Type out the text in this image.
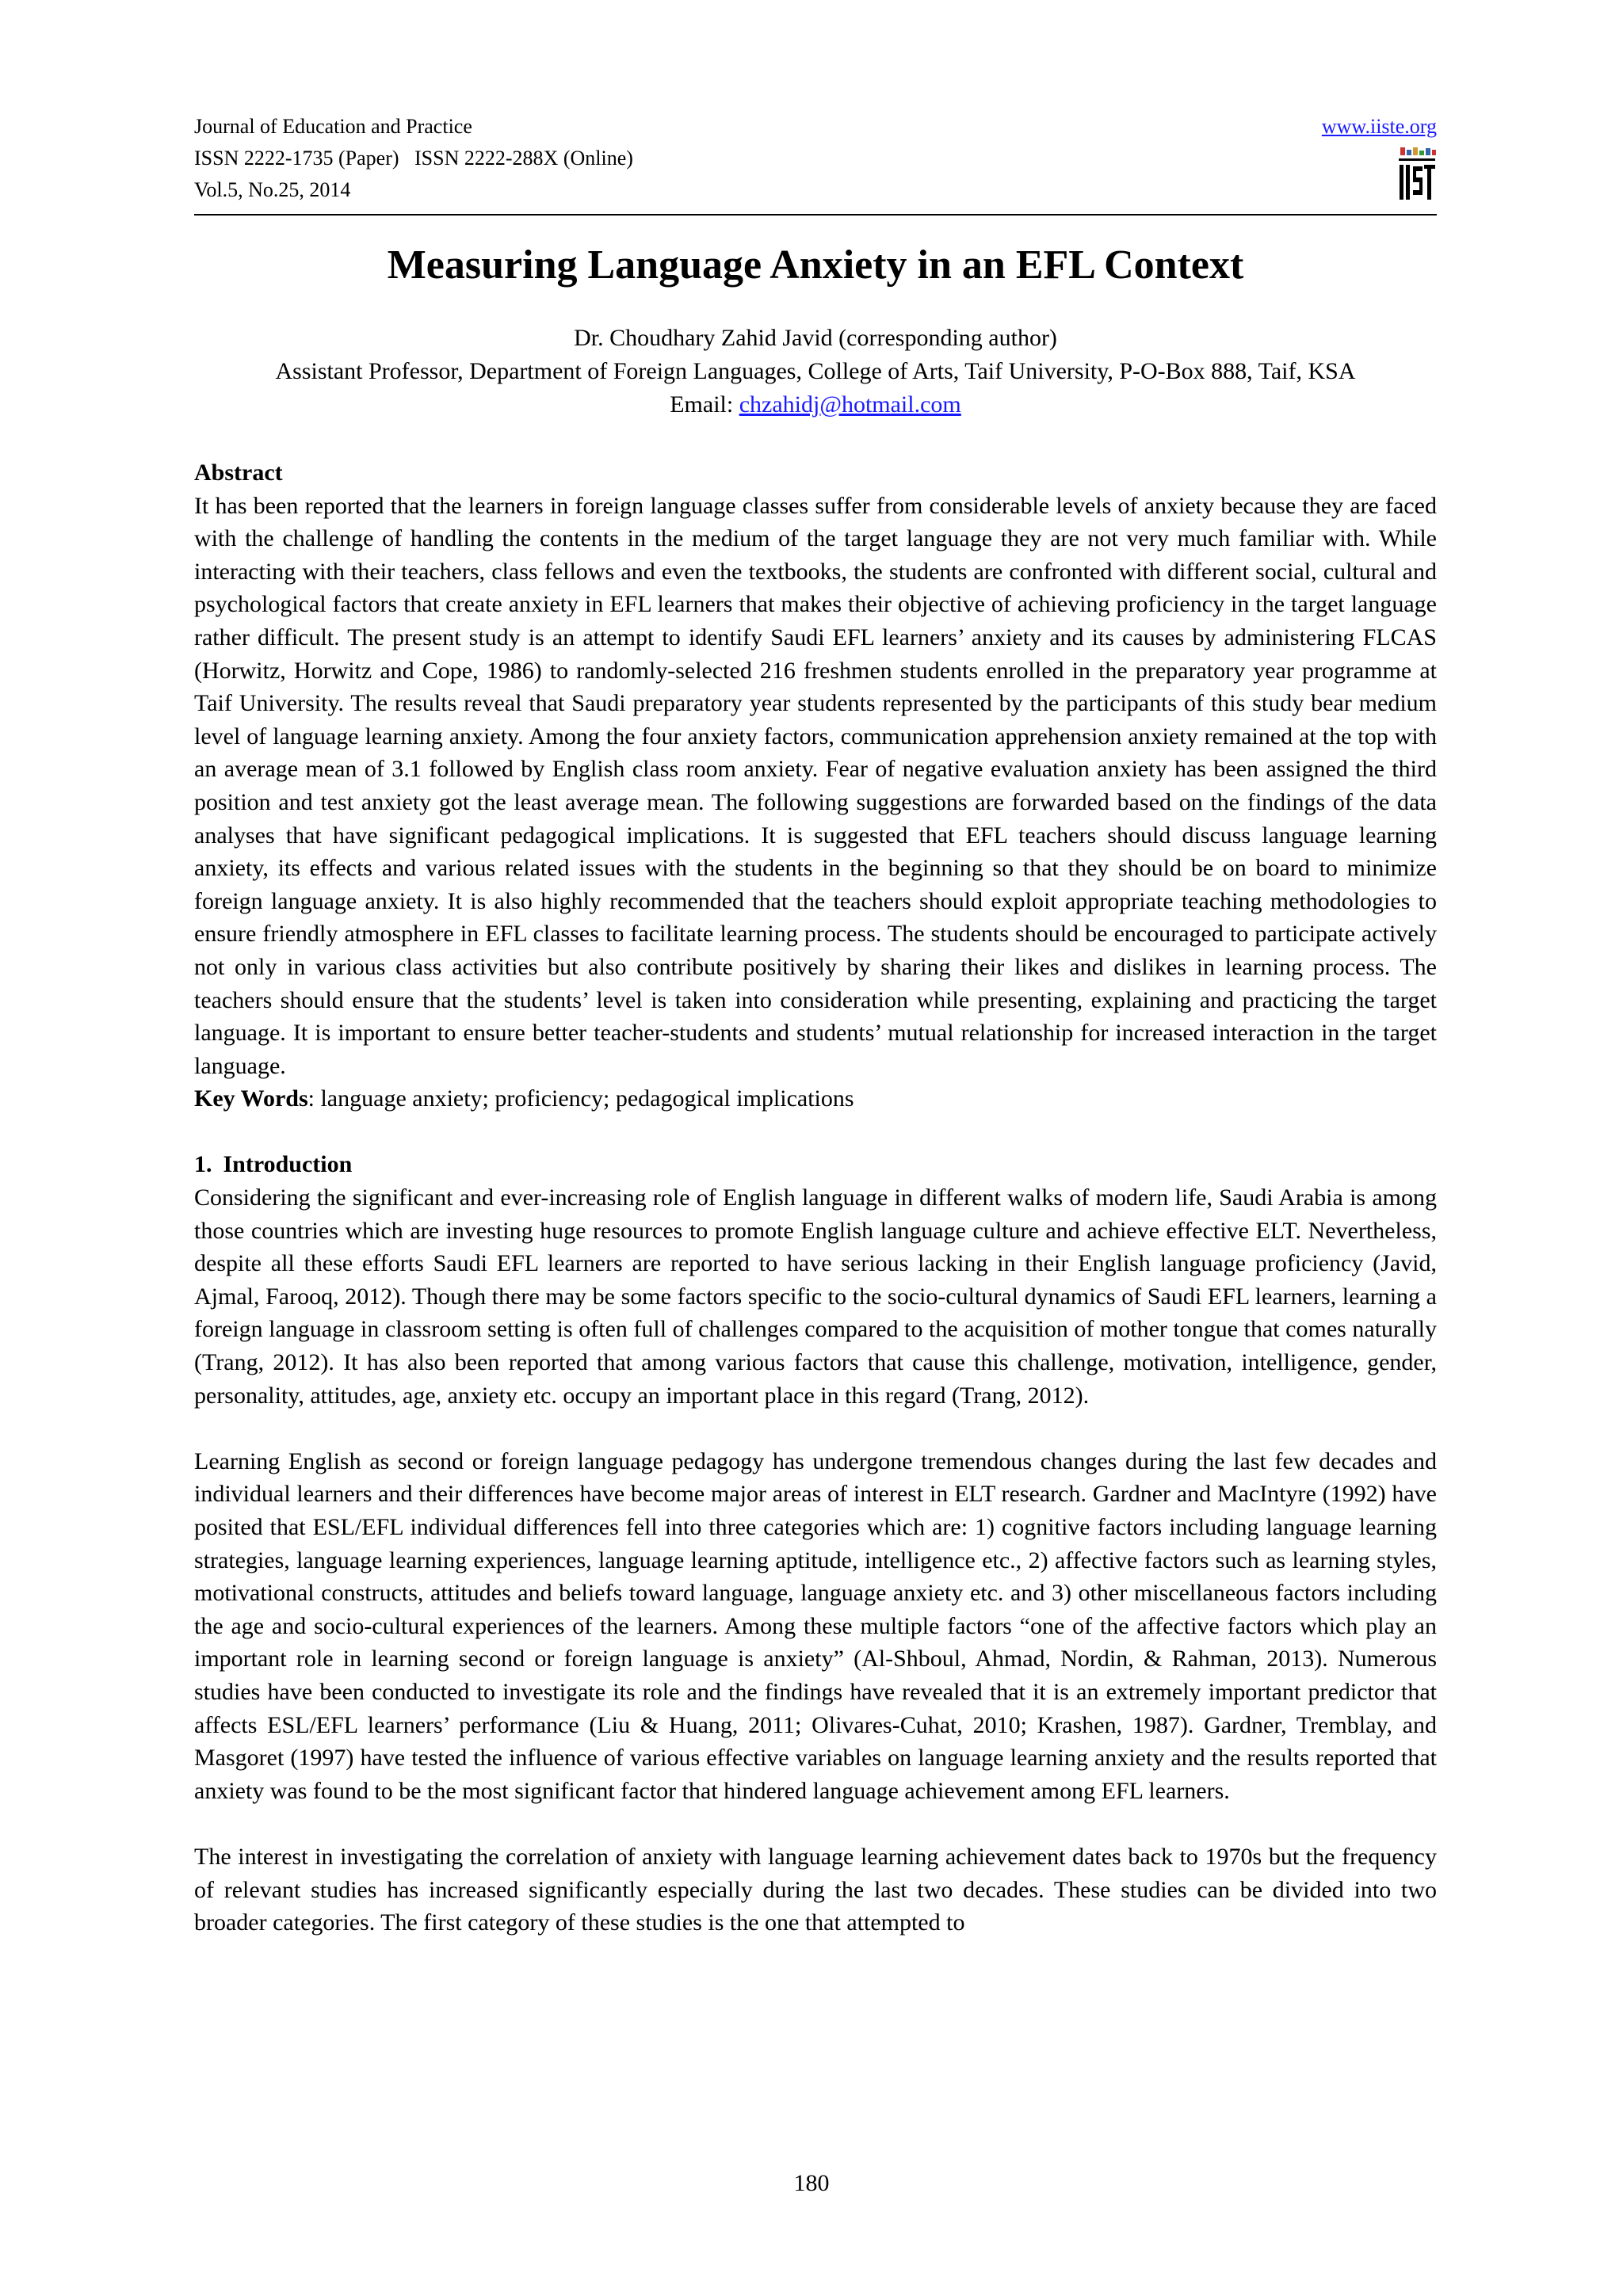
Journal of Education and Practice
ISSN 2222-1735 (Paper)   ISSN 2222-288X (Online)
Vol.5, No.25, 2014
www.iiste.org
Measuring Language Anxiety in an EFL Context
Dr. Choudhary Zahid Javid (corresponding author)
Assistant Professor, Department of Foreign Languages, College of Arts, Taif University, P-O-Box 888, Taif, KSA
Email: chzahidj@hotmail.com
Abstract

It has been reported that the learners in foreign language classes suffer from considerable levels of anxiety because they are faced with the challenge of handling the contents in the medium of the target language they are not very much familiar with. While interacting with their teachers, class fellows and even the textbooks, the students are confronted with different social, cultural and psychological factors that create anxiety in EFL learners that makes their objective of achieving proficiency in the target language rather difficult. The present study is an attempt to identify Saudi EFL learners’ anxiety and its causes by administering FLCAS (Horwitz, Horwitz and Cope, 1986) to randomly-selected 216 freshmen students enrolled in the preparatory year programme at Taif University. The results reveal that Saudi preparatory year students represented by the participants of this study bear medium level of language learning anxiety. Among the four anxiety factors, communication apprehension anxiety remained at the top with an average mean of 3.1 followed by English class room anxiety. Fear of negative evaluation anxiety has been assigned the third position and test anxiety got the least average mean. The following suggestions are forwarded based on the findings of the data analyses that have significant pedagogical implications. It is suggested that EFL teachers should discuss language learning anxiety, its effects and various related issues with the students in the beginning so that they should be on board to minimize foreign language anxiety. It is also highly recommended that the teachers should exploit appropriate teaching methodologies to ensure friendly atmosphere in EFL classes to facilitate learning process. The students should be encouraged to participate actively not only in various class activities but also contribute positively by sharing their likes and dislikes in learning process. The teachers should ensure that the students’ level is taken into consideration while presenting, explaining and practicing the target language. It is important to ensure better teacher-students and students’ mutual relationship for increased interaction in the target language.

Key Words: language anxiety; proficiency; pedagogical implications

1. Introduction

Considering the significant and ever-increasing role of English language in different walks of modern life, Saudi Arabia is among those countries which are investing huge resources to promote English language culture and achieve effective ELT. Nevertheless, despite all these efforts Saudi EFL learners are reported to have serious lacking in their English language proficiency (Javid, Ajmal, Farooq, 2012). Though there may be some factors specific to the socio-cultural dynamics of Saudi EFL learners, learning a foreign language in classroom setting is often full of challenges compared to the acquisition of mother tongue that comes naturally (Trang, 2012). It has also been reported that among various factors that cause this challenge, motivation, intelligence, gender, personality, attitudes, age, anxiety etc. occupy an important place in this regard (Trang, 2012).

Learning English as second or foreign language pedagogy has undergone tremendous changes during the last few decades and individual learners and their differences have become major areas of interest in ELT research. Gardner and MacIntyre (1992) have posited that ESL/EFL individual differences fell into three categories which are: 1) cognitive factors including language learning strategies, language learning experiences, language learning aptitude, intelligence etc., 2) affective factors such as learning styles, motivational constructs, attitudes and beliefs toward language, language anxiety etc. and 3) other miscellaneous factors including the age and socio-cultural experiences of the learners. Among these multiple factors “one of the affective factors which play an important role in learning second or foreign language is anxiety” (Al-Shboul, Ahmad, Nordin, & Rahman, 2013). Numerous studies have been conducted to investigate its role and the findings have revealed that it is an extremely important predictor that affects ESL/EFL learners’ performance (Liu & Huang, 2011; Olivares-Cuhat, 2010; Krashen, 1987). Gardner, Tremblay, and Masgoret (1997) have tested the influence of various effective variables on language learning anxiety and the results reported that anxiety was found to be the most significant factor that hindered language achievement among EFL learners.

The interest in investigating the correlation of anxiety with language learning achievement dates back to 1970s but the frequency of relevant studies has increased significantly especially during the last two decades. These studies can be divided into two broader categories. The first category of these studies is the one that attempted to

180
